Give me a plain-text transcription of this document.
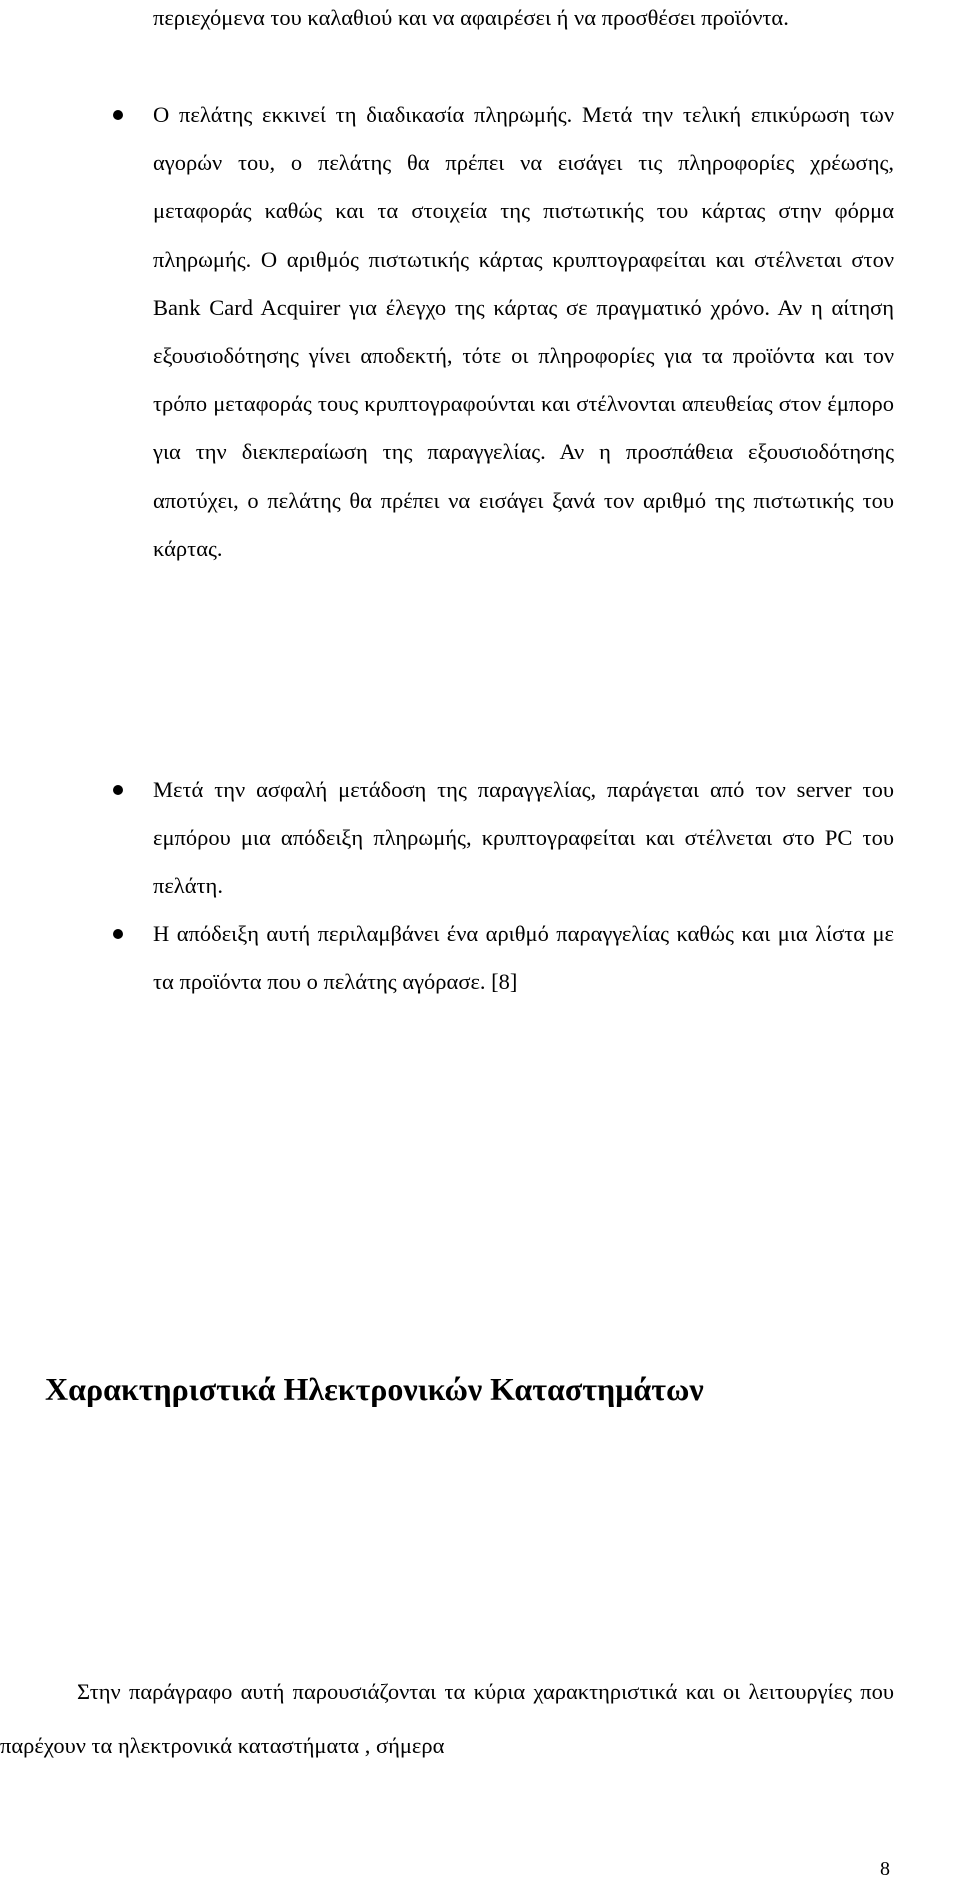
περιεχόμενα του καλαθιού και να αφαιρέσει ή να προσθέσει προϊόντα.
Ο πελάτης εκκινεί τη διαδικασία πληρωμής. Μετά την τελική επικύρωση των αγορών του, ο πελάτης θα πρέπει να εισάγει τις πληροφορίες χρέωσης, μεταφοράς καθώς και τα στοιχεία της πιστωτικής του κάρτας στην φόρμα πληρωμής. Ο αριθμός πιστωτικής κάρτας κρυπτογραφείται και στέλνεται στον Bank Card Acquirer για έλεγχο της κάρτας σε πραγματικό χρόνο. Αν η αίτηση εξουσιοδότησης γίνει αποδεκτή, τότε οι πληροφορίες για τα προϊόντα και τον τρόπο μεταφοράς τους κρυπτογραφούνται και στέλνονται απευθείας στον έμπορο για την διεκπεραίωση της παραγγελίας. Αν η προσπάθεια εξουσιοδότησης αποτύχει, ο πελάτης θα πρέπει να εισάγει ξανά τον αριθμό της πιστωτικής του κάρτας.
Μετά την ασφαλή μετάδοση της παραγγελίας, παράγεται από τον server του εμπόρου μια απόδειξη πληρωμής, κρυπτογραφείται και στέλνεται στο PC του πελάτη.
Η απόδειξη αυτή περιλαμβάνει ένα αριθμό παραγγελίας καθώς και μια λίστα με τα προϊόντα που ο πελάτης αγόρασε. [8]
Χαρακτηριστικά Ηλεκτρονικών Καταστημάτων
Στην παράγραφο αυτή παρουσιάζονται τα κύρια χαρακτηριστικά και οι λειτουργίες που παρέχουν τα ηλεκτρονικά καταστήματα , σήμερα
8
